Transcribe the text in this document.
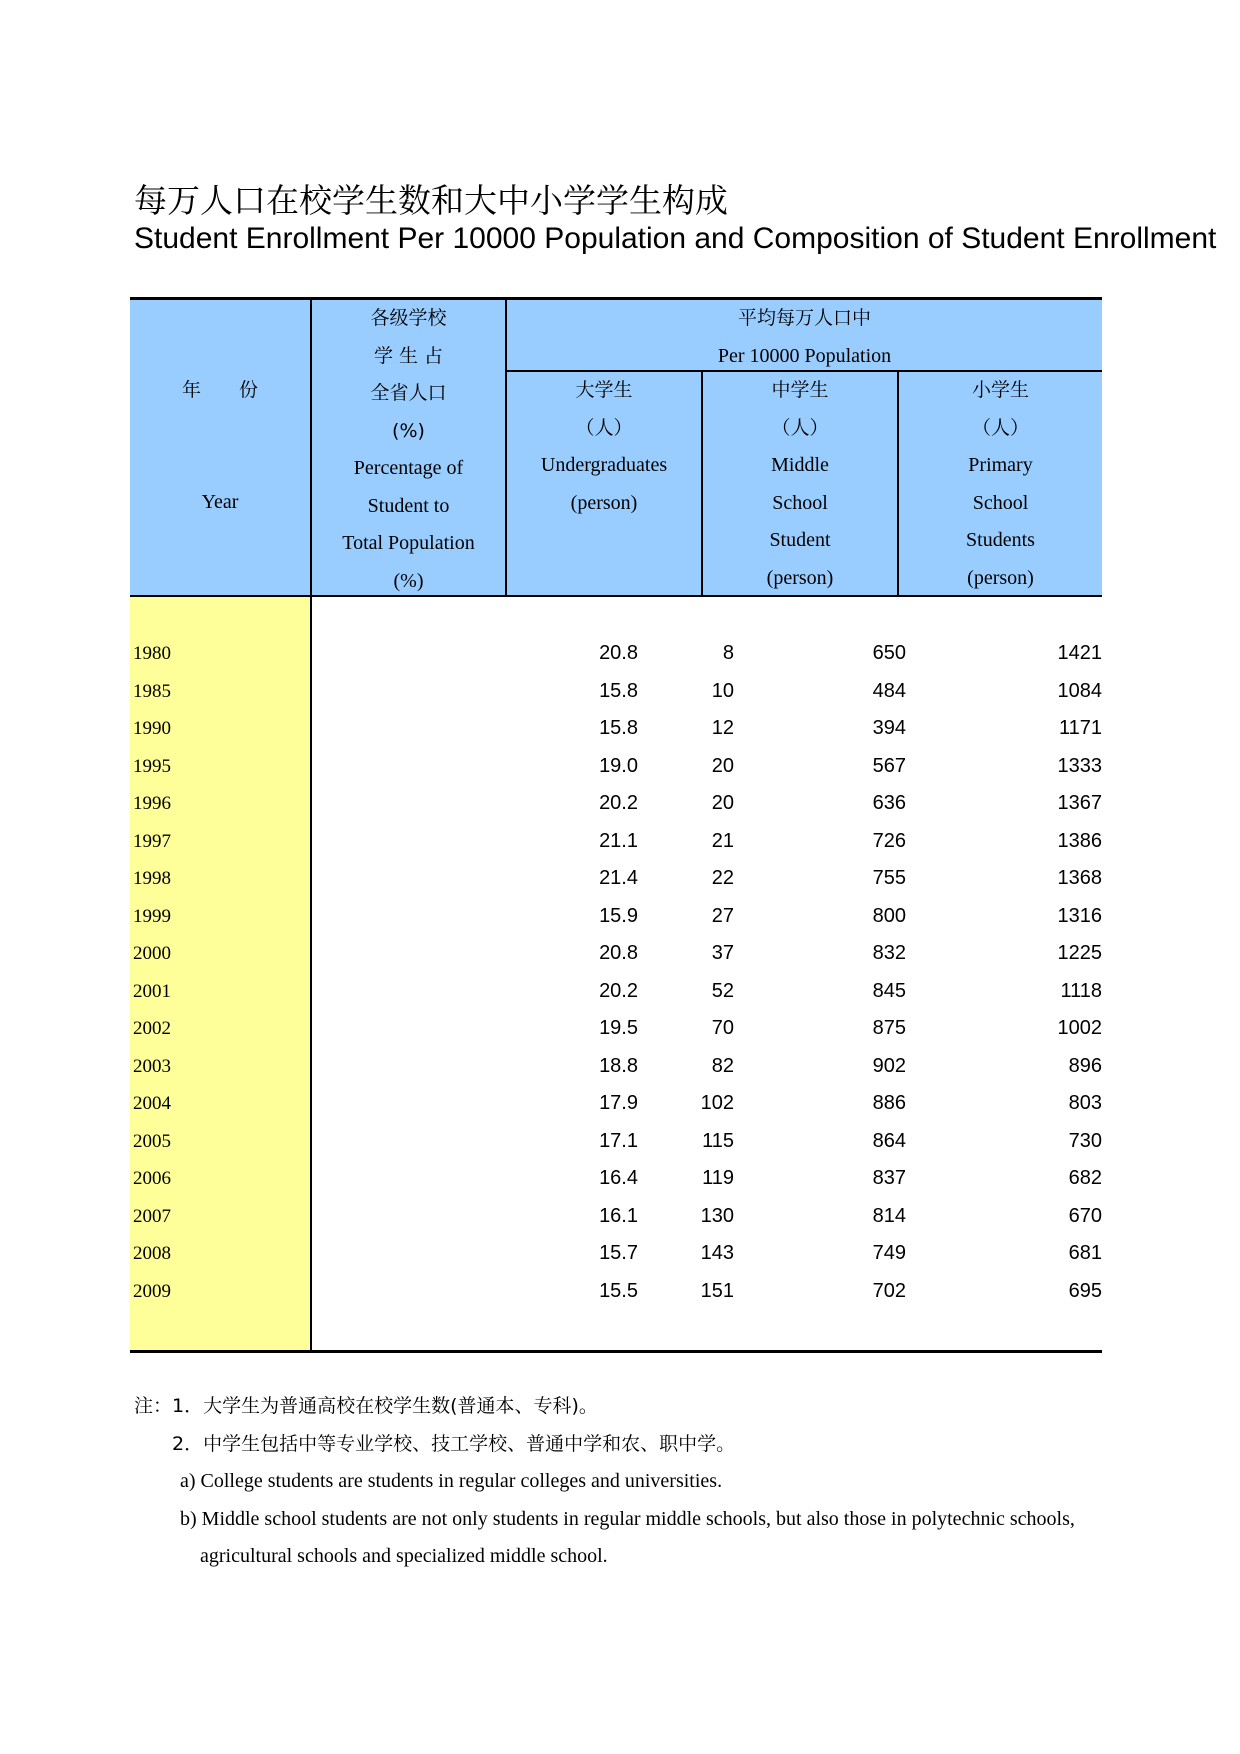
每万人口在校学生数和大中小学学生构成
Student Enrollment Per 10000 Population and Composition of Student Enrollment
年　　份
Year
各级学校
学 生 占
全省人口
(%)
Percentage of
Student to
Total Population
(%)
平均每万人口中
Per 10000 Population
大学生
（人）
Undergraduates
(person)
中学生
（人）
Middle
School
Student
(person)
小学生
（人）
Primary
School
Students
(person)
1980	20.8	8	650	1421
1985	15.8	10	484	1084
1990	15.8	12	394	1171
1995	19.0	20	567	1333
1996	20.2	20	636	1367
1997	21.1	21	726	1386
1998	21.4	22	755	1368
1999	15.9	27	800	1316
2000	20.8	37	832	1225
2001	20.2	52	845	1118
2002	19.5	70	875	1002
2003	18.8	82	902	896
2004	17.9	102	886	803
2005	17.1	115	864	730
2006	16.4	119	837	682
2007	16.1	130	814	670
2008	15.7	143	749	681
2009	15.5	151	702	695
注：1．大学生为普通高校在校学生数(普通本、专科)。
　　2．中学生包括中等专业学校、技工学校、普通中学和农、职中学。
a) College students are students in regular colleges and universities.
b) Middle school students are not only students in regular middle schools, but also those in polytechnic schools,
agricultural schools and specialized middle school.
